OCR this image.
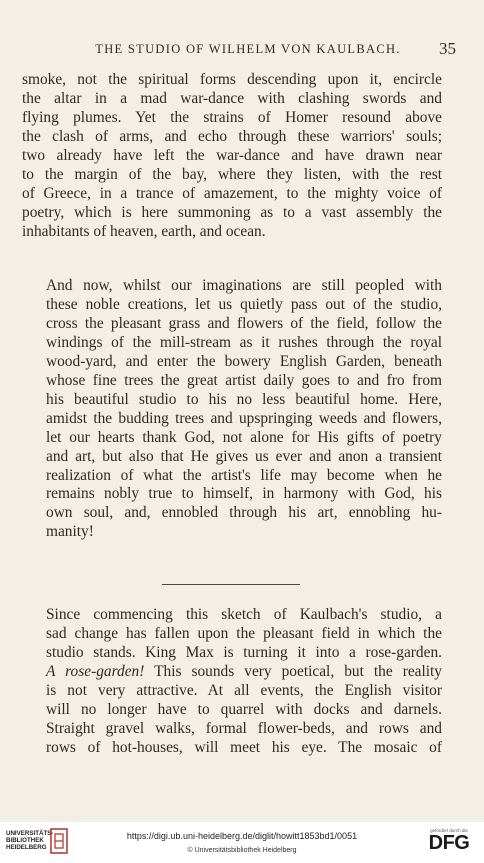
THE STUDIO OF WILHELM VON KAULBACH.	35
smoke, not the spiritual forms descending upon it, encircle
the altar in a mad war-dance with clashing swords and
flying plumes. Yet the strains of Homer resound above
the clash of arms, and echo through these warriors' souls;
two already have left the war-dance and have drawn near
to the margin of the bay, where they listen, with the rest
of Greece, in a trance of amazement, to the mighty voice of
poetry, which is here summoning as to a vast assembly the
inhabitants of heaven, earth, and ocean.
And now, whilst our imaginations are still peopled with
these noble creations, let us quietly pass out of the studio,
cross the pleasant grass and flowers of the field, follow the
windings of the mill-stream as it rushes through the royal
wood-yard, and enter the bowery English Garden, beneath
whose fine trees the great artist daily goes to and fro from
his beautiful studio to his no less beautiful home. Here,
amidst the budding trees and upspringing weeds and flowers,
let our hearts thank God, not alone for His gifts of poetry
and art, but also that He gives us ever and anon a transient
realization of what the artist's life may become when he
remains nobly true to himself, in harmony with God, his
own soul, and, ennobled through his art, ennobling hu-
manity!
Since commencing this sketch of Kaulbach's studio, a
sad change has fallen upon the pleasant field in which the
studio stands. King Max is turning it into a rose-garden.
A rose-garden! This sounds very poetical, but the reality
is not very attractive. At all events, the English visitor
will no longer have to quarrel with docks and darnels.
Straight gravel walks, formal flower-beds, and rows and
rows of hot-houses, will meet his eye. The mosaic of
UNIVERSITÄTS-
BIBLIOTHEK
HEIDELBERG
https://digi.ub.uni-heidelberg.de/diglit/howitt1853bd1/0051
© Universitätsbibliothek Heidelberg
gefördert durch die
DFG
